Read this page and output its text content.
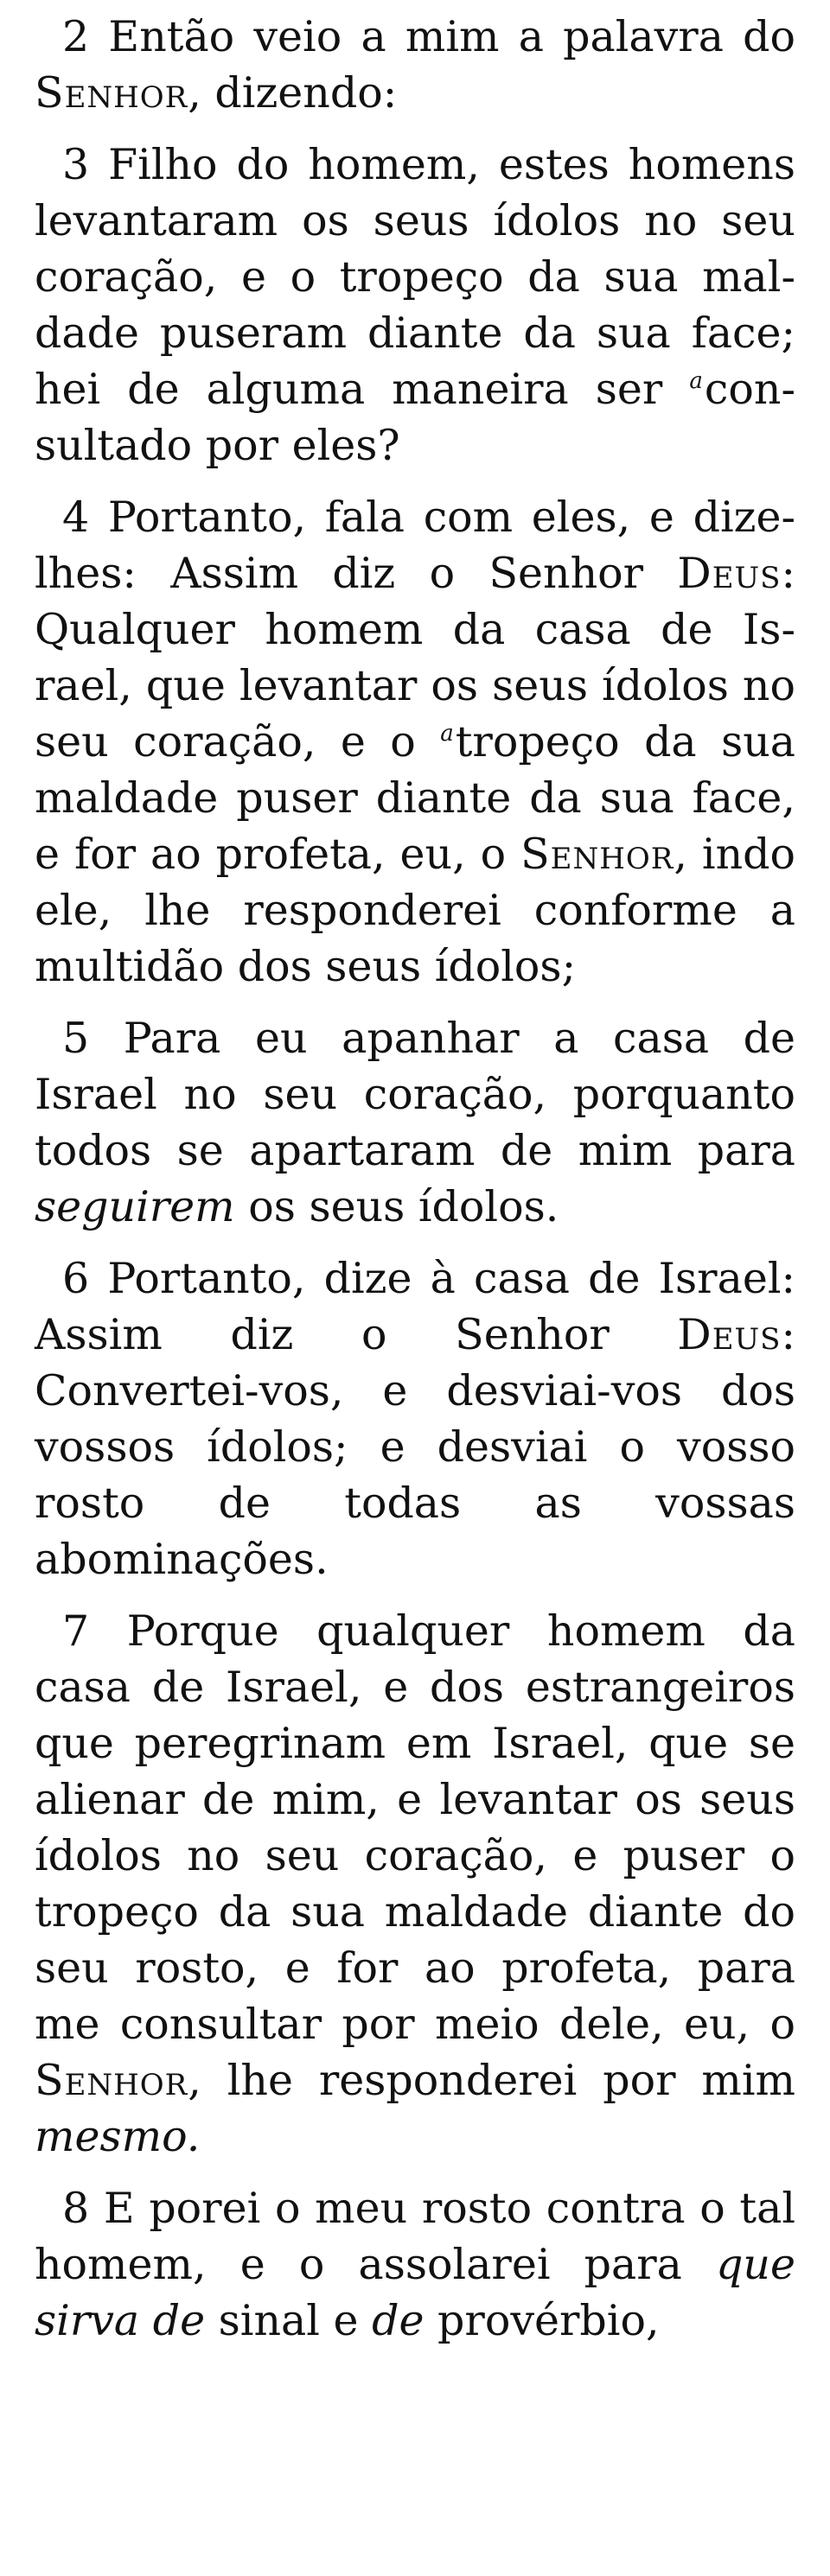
2 Então veio a mim a palavra do Senhor, dizendo:

3 Filho do homem, estes homens levantaram os seus ídolos no seu coração, e o tropeço da sua maldade puseram diante da sua face; hei de alguma maneira ser $^a$consultado por eles?

4 Portanto, fala com eles, e dize-lhes: Assim diz o Senhor Deus: Qualquer homem da casa de Israel, que levantar os seus ídolos no seu coração, e o $^a$tropeço da sua maldade puser diante da sua face, e for ao profeta, eu, o Senhor, indo ele, lhe responderei conforme a multidão dos seus ídolos;

5 Para eu apanhar a casa de Israel no seu coração, porquanto todos se apartaram de mim para seguirem os seus ídolos.

6 Portanto, dize à casa de Israel: Assim diz o Senhor Deus: Convertei-vos, e desviai-vos dos vossos ídolos; e desviai o vosso rosto de todas as vossas abominações.

7 Porque qualquer homem da casa de Israel, e dos estrangeiros que peregrinam em Israel, que se alienar de mim, e levantar os seus ídolos no seu coração, e puser o tropeço da sua maldade diante do seu rosto, e for ao profeta, para me consultar por meio dele, eu, o Senhor, lhe responderei por mim mesmo.

8 E porei o meu rosto contra o tal homem, e o assolarei para que sirva de sinal e de provérbio,
